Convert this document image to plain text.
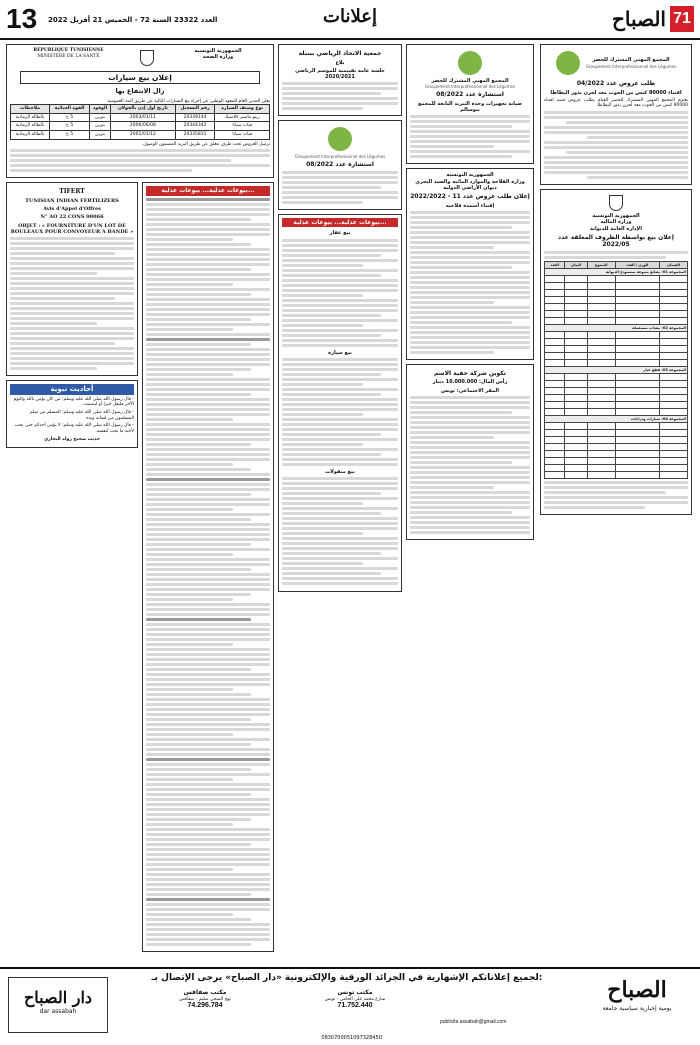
13 العدد 23322 السنة 72 - الخميس 21 أفريل 2022	إعلانات	71
الصباح
المجمع المهني المشترك للخضر
Groupement Interprofessionnel des Légumes
طلب عروض عدد 04/2022
اقتناء 80000 كيس من الجوت معد لخزن بذور البطاطا

يعتزم المجمع المهني المشترك للخضر القيام بطلب عروض قصد اقتناء 80000 كيس من الجوت معد لخزن بذور البطاطا.

الجمهورية التونسية
وزارة المالية
الإدارة العامة للديوانة
إعلان بيع بواسطة الظروف المغلقة عدد 2022/05
العدد	البيان	المنتوج	الوزن / العدد	الضمان
المجموعة 01: بضائع متنوعة بمستودع الديوانة				

المجموعة 02: معدات مستعملة				

المجموعة 03: قطع غيار				

المجموعة 04: سيارات ودراجات				

المجمع المهني المشترك للخضر
Groupement Interprofessionnel des Légumes
استشارة عدد 08/2022
صيانة تجهيزات وحدة التبريد التابعة للمجمع ببوسالم
الجمهورية التونسية
وزارة الفلاحة والموارد المائية والصيد البحري
ديوان الأراضي الدولية
إعلان طلب عروض عدد 11 - 2022/2022
إقتناء أسمدة فلاحية
تكوين شركة خفية الاسم
رأس المال: 10.000.000 دينار
المقر الاجتماعي: تونس
جمعية الاتحاد الرياضي ببنبلة
بلاغ
جلسة عامة تقييمية للموسم الرياضي 2020/2021
Groupement Interprofessionnel des Légumes
استشارة عدد 08/2022
بيوعات عدلية... بيوعات عدلية...
بيع عقار
بيع سيارة
بيع منقولات
RÉPUBLIQUE TUNISIENNE
MINISTÈRE DE LA SANTÉ
الجمهورية التونسية
وزارة الصحة
إعلان بيع سيارات
زال الانتفاع بها
يعلن المدير العام للمعهد الوطني عن إجراء بيع السيارات التالية عن طريق البتة العمومية.
نوع وصنف السيارة	رقم التسجيل	تاريخ أول إذن بالجولان	الوقود	القوة الجبائية	ملاحظات
رينو ماستر كلاسيك	20339144	2003/01/11	بنزين	5 خ	بالطالة الرمادية
فيات سيانا	20344342	2006/06/08	بنزين	5 خ	بالطالة الرمادية
فيات سيانا	20335831	2001/01/12	بنزين	5 خ	بالطالة الرمادية
ترسل العروض تحت ظرف مغلق عن طريق البريد المضمون الوصول.
TIFERT
TUNISIAN INDIAN FERTILIZERS
Avis d'Appel d'Offres
N° AO 22 CONS 00066
OBJET : « FOURNITURE D'UN LOT DE ROULEAUX POUR CONVOYEUR A BANDE »
أحاديث نبوية
- قال رسول الله صلى الله عليه وسلم: من كان يؤمن بالله واليوم الآخر فليقل خيرا أو ليصمت.
- قال رسول الله صلى الله عليه وسلم: المسلم من سلم المسلمون من لسانه ويده.
- قال رسول الله صلى الله عليه وسلم: لا يؤمن أحدكم حتى يحب لأخيه ما يحب لنفسه.
حديث صحيح رواه البخاري
بيوعات عدلية... بيوعات عدلية...
دار الصباح
dar assabah
لجميع إعلاناتكم الإشهارية في الجرائد الورقية والإلكترونية «دار الصباح» يرجى الإتصال بـ:
مكتب صفاقس
نهج المنجي سليم - صفاقس
74.296.784
مكتب تونس
شارع محمد علي الحامي - تونس
71.752.440
publicite.assabah@gmail.com
الصباح
يومية إخبارية سياسية جامعة
083070005109732845O
